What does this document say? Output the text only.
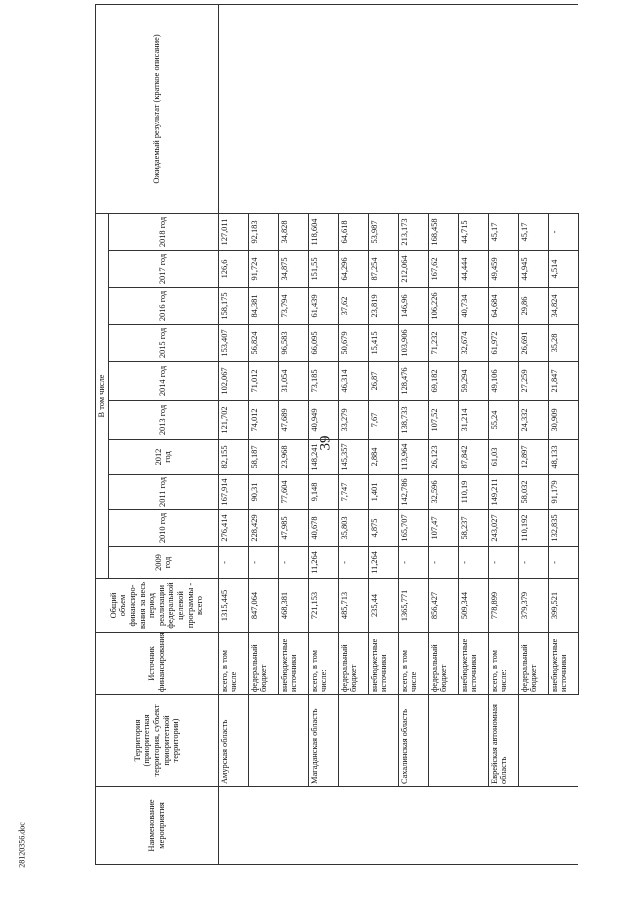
39
28120356.doc	Наименование мероприятия	Территория (приоритетная территория, субъект приоритетной территории)	Источник финансирования	Общий объем финансиро- вания за весь период реализации федеральной целевой программы - всего	В том числе										Ожидаемый результат (краткое описание)
				2009 год	2010 год	2011 год	2012 год	2013 год	2014 год	2015 год	2016 год	2017 год	2018 год	
	Амурская область	всего, в том числе	1315,445	-	276,414	167,914	82,155	121,702	102,067	153,407	158,175	126,6	127,011	
		федеральный бюджет	847,064	-	228,429	90,31	58,187	74,012	71,012	56,824	84,381	91,724	92,183	
		внебюджетные источники	468,381	-	47,985	77,604	23,968	47,689	31,054	96,583	73,794	34,875	34,828	
	Магаданская область	всего, в том числе:	721,153	11,264	40,678	9,148	148,241	40,949	73,185	66,095	61,439	151,55	118,604	
		федеральный бюджет	485,713	-	35,803	7,747	145,357	33,279	46,314	50,679	37,62	64,296	64,618	
		внебюджетные источники	235,44	11,264	4,875	1,401	2,884	7,67	26,87	15,415	23,819	87,254	53,987	
	Сахалинская область	всего, в том числе	1365,771	-	165,707	142,786	113,964	138,733	128,476	103,906	146,96	212,064	213,173	
		федеральный бюджет	856,427	-	107,47	32,596	26,123	107,52	69,182	71,232	106,226	167,62	168,458	
		внебюджетные источники	509,344	-	58,237	110,19	87,842	31,214	59,294	32,674	40,734	44,444	44,715	
	Еврейская автономная область	всего, в том числе:	778,899	-	243,027	149,211	61,03	55,24	49,106	61,972	64,684	49,459	45,17	
		федеральный бюджет	379,379	-	110,192	58,032	12,897	24,332	27,259	26,691	29,86	44,945	45,17	
		внебюджетные источники	399,521	-	132,835	91,179	48,133	30,909	21,847	35,28	34,824	4,514	-	
